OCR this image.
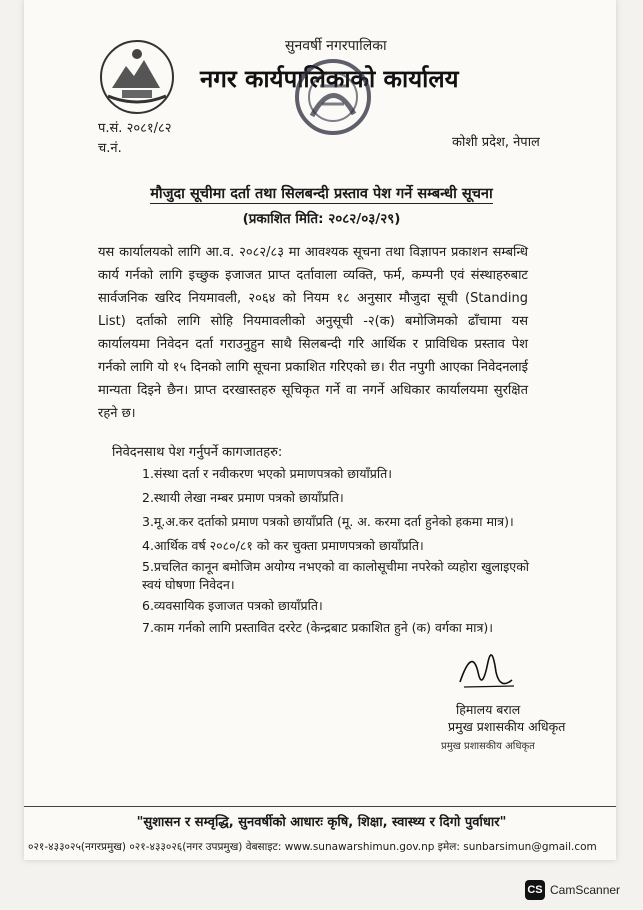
सुनवर्षी नगरपालिका
नगर कार्यपालिकाको कार्यालय
प.सं. २०८१/८२
च.नं.	कोशी प्रदेश, नेपाल
मौजुदा सूचीमा दर्ता तथा सिलबन्दी प्रस्ताव पेश गर्ने सम्बन्धी सूचना
(प्रकाशित मिति: २०८२/०३/२९)
यस कार्यालयको लागि आ.व. २०८२/८३ मा आवश्यक सूचना तथा विज्ञापन प्रकाशन सम्बन्धि कार्य गर्नको लागि इच्छुक इजाजत प्राप्त दर्तावाला व्यक्ति, फर्म, कम्पनी एवं संस्थाहरुबाट सार्वजनिक खरिद नियमावली, २०६४ को नियम १८ अनुसार मौजुदा सूची (Standing List) दर्ताको लागि सोहि नियमावलीको अनुसूची -२(क) बमोजिमको ढाँचामा यस कार्यालयमा निवेदन दर्ता गराउनुहुन साथै सिलबन्दी गरि आर्थिक र प्राविधिक प्रस्ताव पेश गर्नको लागि यो १५ दिनको लागि सूचना प्रकाशित गरिएको छ। रीत नपुगी आएका निवेदनलाई मान्यता दिइने छैन। प्राप्त दरखास्तहरु सूचिकृत गर्ने वा नगर्ने अधिकार कार्यालयमा सुरक्षित रहने छ।
निवेदनसाथ पेश गर्नुपर्ने कागजातहरु:
1.संस्था दर्ता र नवीकरण भएको प्रमाणपत्रको छायाँप्रति।
2.स्थायी लेखा नम्बर प्रमाण पत्रको छायाँप्रति।
3.मू.अ.कर दर्ताको प्रमाण पत्रको छायाँप्रति (मू. अ. करमा दर्ता हुनेको हकमा मात्र)।
4.आर्थिक वर्ष २०८०/८१ को कर चुक्ता प्रमाणपत्रको छायाँप्रति।
5.प्रचलित कानून बमोजिम अयोग्य नभएको वा कालोसूचीमा नपरेको व्यहोरा खुलाइएको स्वयं घोषणा निवेदन।
6.व्यवसायिक इजाजत पत्रको छायाँप्रति।
7.काम गर्नको लागि प्रस्तावित दररेट (केन्द्रबाट प्रकाशित हुने (क) वर्गका मात्र)।
हिमालय बराल
प्रमुख प्रशासकीय अधिकृत
प्रमुख प्रशासकीय अधिकृत
"सुशासन र सम्वृद्धि, सुनवर्षीको आधारः कृषि, शिक्षा, स्वास्थ्य र दिगो पुर्वाधार"
०२१-४३३०२५(नगरप्रमुख) ०२१-४३३०२६(नगर उपप्रमुख) वेबसाइट: www.sunawarshimun.gov.np इमेल: sunbarsimun@gmail.com
CS CamScanner
